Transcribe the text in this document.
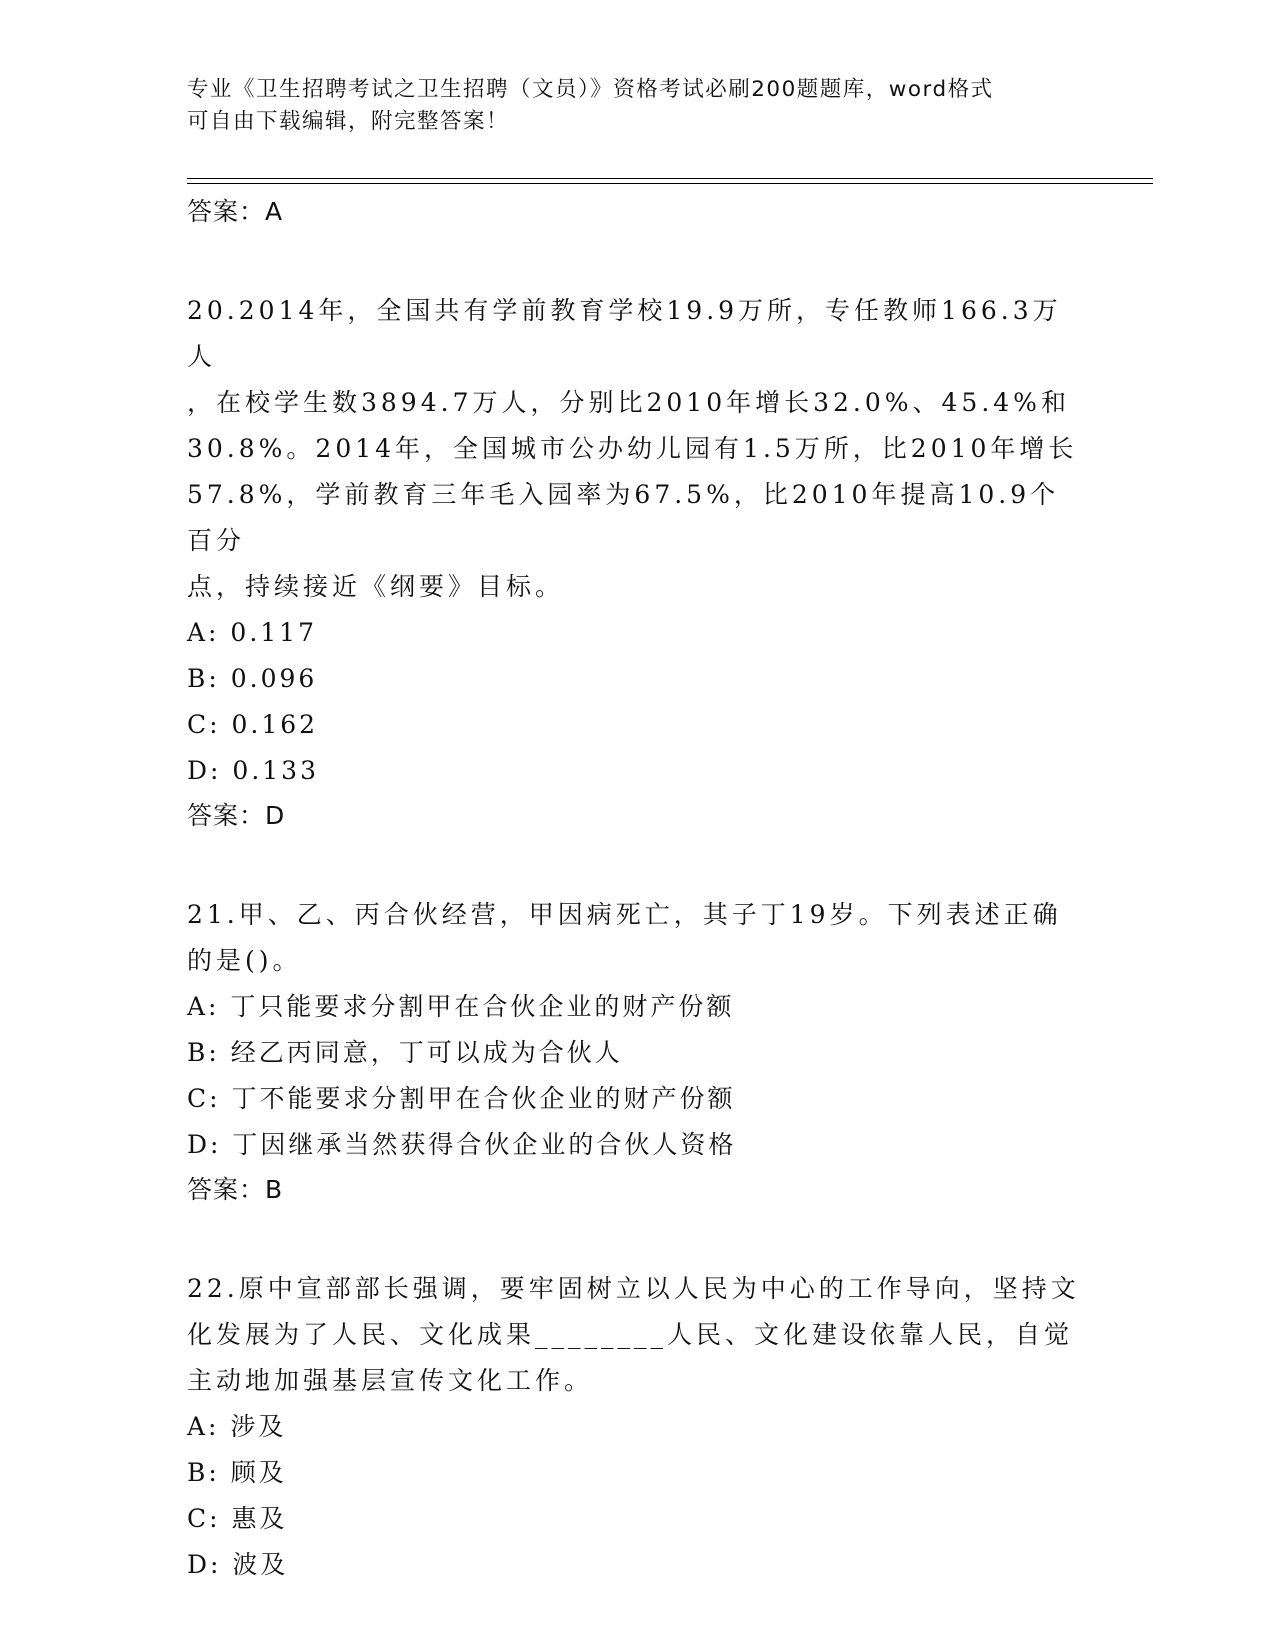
专业《卫生招聘考试之卫生招聘（文员）》资格考试必刷200题题库，word格式
可自由下载编辑，附完整答案！
答案：A
20.2014年，全国共有学前教育学校19.9万所，专任教师166.3万人
，在校学生数3894.7万人，分别比2010年增长32.0%、45.4%和
30.8%。2014年，全国城市公办幼儿园有1.5万所，比2010年增长
57.8%，学前教育三年毛入园率为67.5%，比2010年提高10.9个百分
点，持续接近《纲要》目标。
A: 0.117
B: 0.096
C: 0.162
D: 0.133
答案：D
21.甲、乙、丙合伙经营，甲因病死亡，其子丁19岁。下列表述正确
的是()。
A: 丁只能要求分割甲在合伙企业的财产份额
B: 经乙丙同意，丁可以成为合伙人
C: 丁不能要求分割甲在合伙企业的财产份额
D: 丁因继承当然获得合伙企业的合伙人资格
答案：B
22.原中宣部部长强调，要牢固树立以人民为中心的工作导向，坚持文
化发展为了人民、文化成果________人民、文化建设依靠人民，自觉
主动地加强基层宣传文化工作。
A: 涉及
B: 顾及
C: 惠及
D: 波及
